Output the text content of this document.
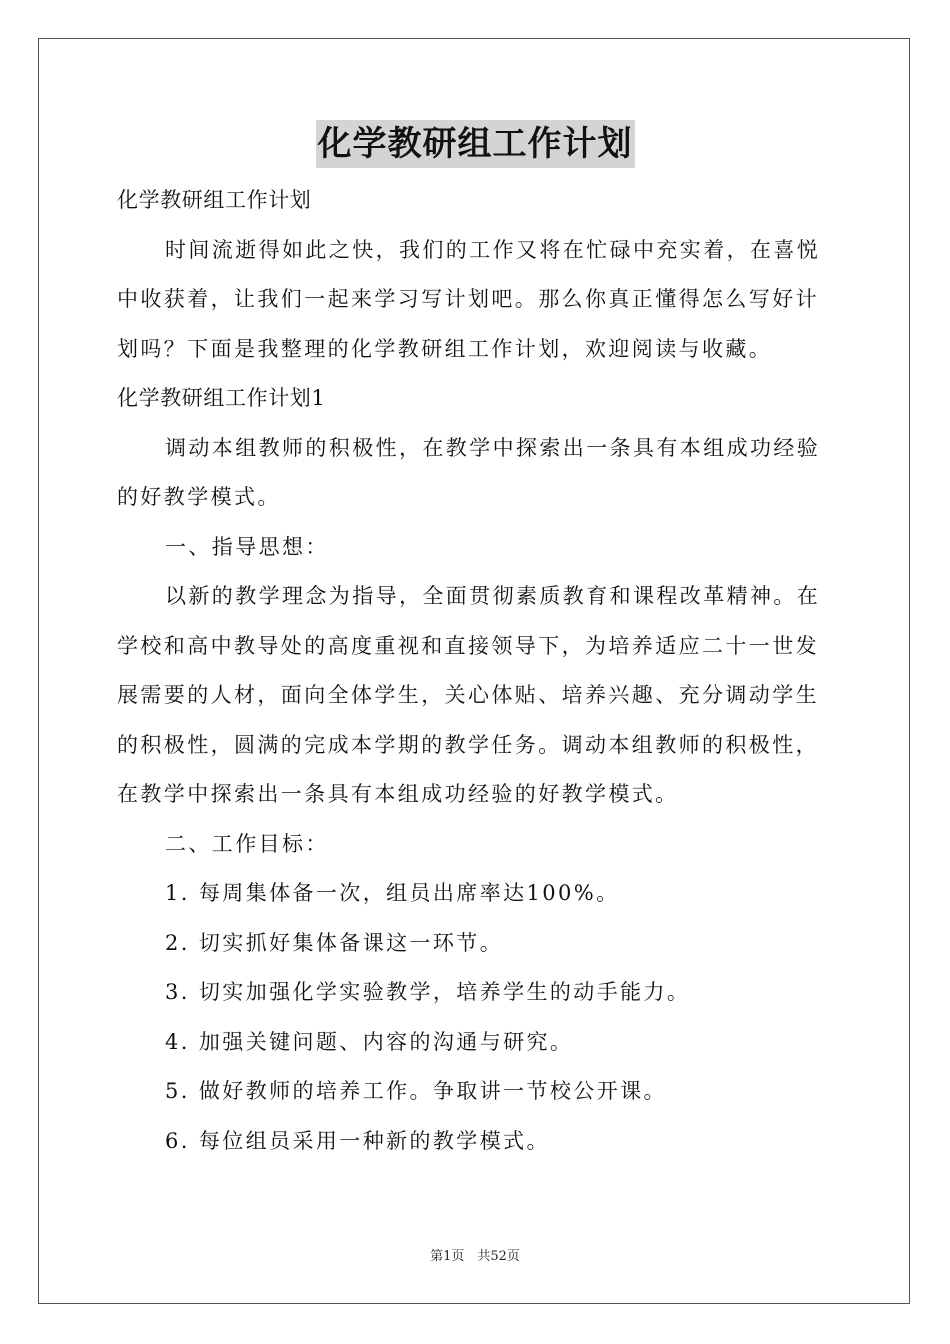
化学教研组工作计划
化学教研组工作计划
时间流逝得如此之快，我们的工作又将在忙碌中充实着，在喜悦
中收获着，让我们一起来学习写计划吧。那么你真正懂得怎么写好计
划吗？下面是我整理的化学教研组工作计划，欢迎阅读与收藏。
化学教研组工作计划1
调动本组教师的积极性，在教学中探索出一条具有本组成功经验
的好教学模式。
一、指导思想：
以新的教学理念为指导，全面贯彻素质教育和课程改革精神。在
学校和高中教导处的高度重视和直接领导下，为培养适应二十一世发
展需要的人材，面向全体学生，关心体贴、培养兴趣、充分调动学生
的积极性，圆满的完成本学期的教学任务。调动本组教师的积极性，
在教学中探索出一条具有本组成功经验的好教学模式。
二、工作目标：
1. 每周集体备一次，组员出席率达100%。
2. 切实抓好集体备课这一环节。
3. 切实加强化学实验教学，培养学生的动手能力。
4. 加强关键问题、内容的沟通与研究。
5. 做好教师的培养工作。争取讲一节校公开课。
6. 每位组员采用一种新的教学模式。
第1页　共52页
